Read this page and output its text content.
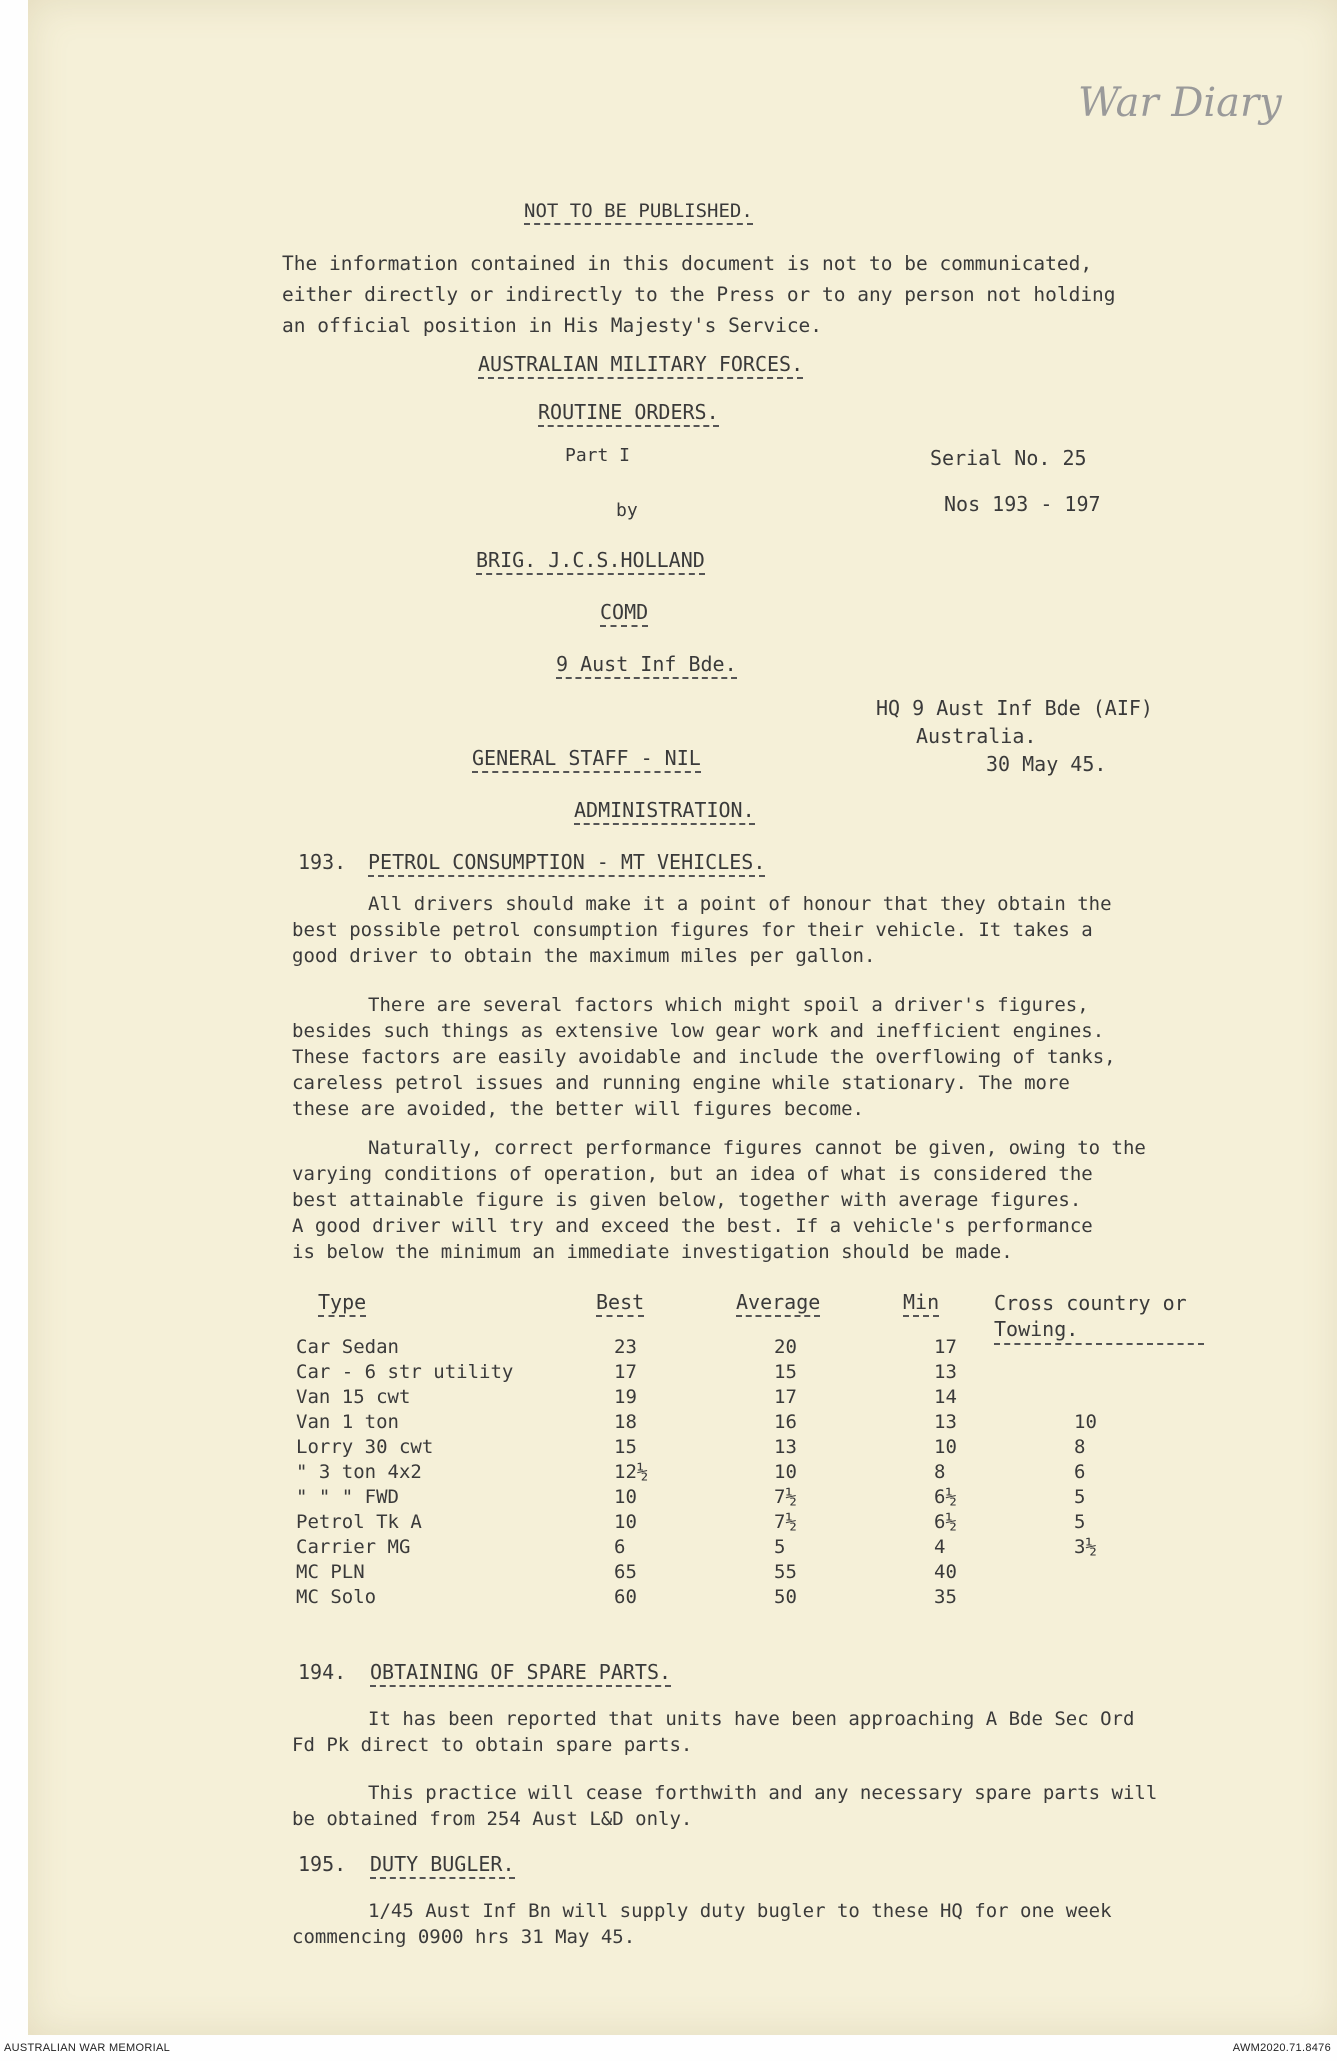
War Diary
NOT TO BE PUBLISHED.
The information contained in this document is not to be communicated,
either directly or indirectly to the Press or to any person not holding
an official position in His Majesty's Service.
AUSTRALIAN MILITARY FORCES.
ROUTINE ORDERS.
Part I
by
Serial No. 25
Nos 193 - 197
BRIG. J.C.S.HOLLAND
COMD
9 Aust Inf Bde.
HQ 9 Aust Inf Bde (AIF)
Australia.
30 May 45.
GENERAL STAFF - NIL
ADMINISTRATION.
193. PETROL CONSUMPTION - MT VEHICLES.
All drivers should make it a point of honour that they obtain the
best possible petrol consumption figures for their vehicle. It takes a
good driver to obtain the maximum miles per gallon.
There are several factors which might spoil a driver's figures,
besides such things as extensive low gear work and inefficient engines.
These factors are easily avoidable and include the overflowing of tanks,
careless petrol issues and running engine while stationary. The more
these are avoided, the better will figures become.
Naturally, correct performance figures cannot be given, owing to the
varying conditions of operation, but an idea of what is considered the
best attainable figure is given below, together with average figures.
A good driver will try and exceed the best. If a vehicle's performance
is below the minimum an immediate investigation should be made.
Type	Best	Average	Min	Cross country or Towing.
Car Sedan	23	20	17	
Car - 6 str utility	17	15	13	
Van 15 cwt	19	17	14	
Van 1 ton	18	16	13	10
Lorry 30 cwt	15	13	10	8
" 3 ton 4x2	12½	10	8	6
" " " FWD	10	7½	6½	5
Petrol Tk A	10	7½	6½	5
Carrier MG	6	5	4	3½
MC PLN	65	55	40	
MC Solo	60	50	35	
194. OBTAINING OF SPARE PARTS.
It has been reported that units have been approaching A Bde Sec Ord
Fd Pk direct to obtain spare parts.
This practice will cease forthwith and any necessary spare parts will
be obtained from 254 Aust L&D only.
195. DUTY BUGLER.
1/45 Aust Inf Bn will supply duty bugler to these HQ for one week
commencing 0900 hrs 31 May 45.
AUSTRALIAN WAR MEMORIAL	AWM2020.71.8476
